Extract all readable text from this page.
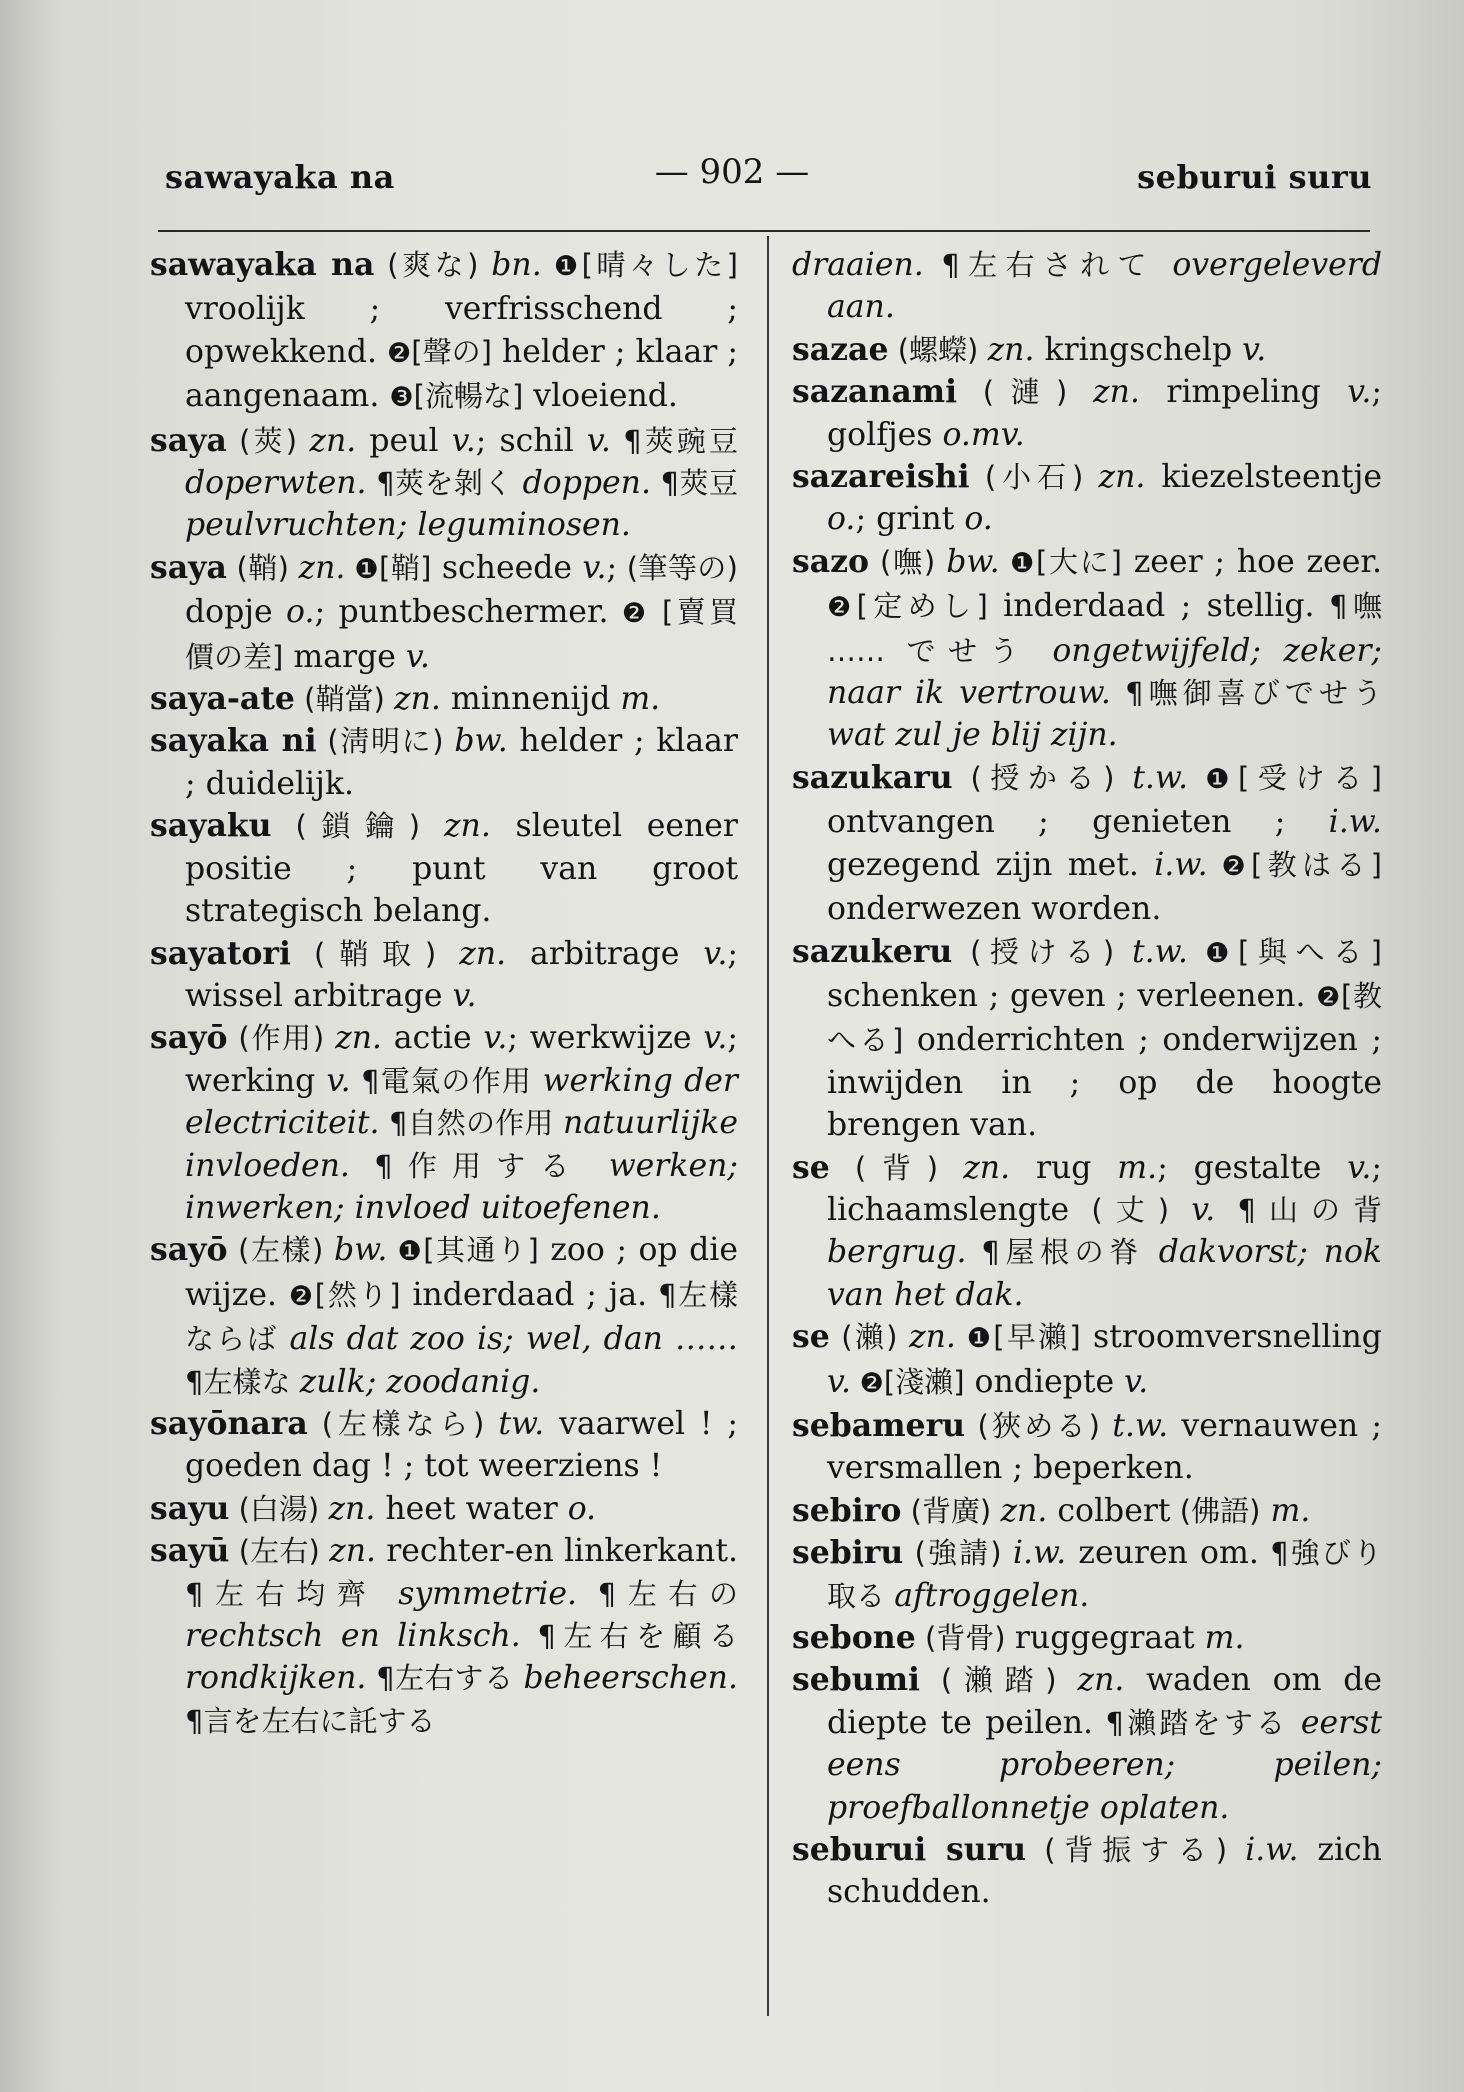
sawayaka na	— 902 —	seburui suru

sawayaka na (爽な) bn. ❶[晴々した] vroolijk ; verfrisschend ; opwekkend. ❷[聲の] helder ; klaar ; aangenaam. ❸[流暢な] vloeiend.

saya (莢) zn. peul v.; schil v. ¶莢豌豆 doperwten. ¶莢を剝く doppen. ¶莢豆 peulvruchten; leguminosen.

saya (鞘) zn. ❶[鞘] scheede v.; (筆等の) dopje o.; puntbeschermer. ❷ [賣買價の差] marge v.

saya-ate (鞘當) zn. minnenijd m.

sayaka ni (淸明に) bw. helder ; klaar ; duidelijk.

sayaku (鎖鑰) zn. sleutel eener positie ; punt van groot strategisch belang.

sayatori (鞘取) zn. arbitrage v.; wissel arbitrage v.

sayō (作用) zn. actie v.; werkwijze v.; werking v. ¶電氣の作用 werking der electriciteit. ¶自然の作用 natuurlijke invloeden. ¶作用する werken; inwerken; invloed uitoefenen.

sayō (左樣) bw. ❶[其通り] zoo ; op die wijze. ❷[然り] inderdaad ; ja. ¶左樣ならば als dat zoo is; wel, dan …… ¶左樣な zulk; zoodanig.

sayōnara (左樣なら) tw. vaarwel ! ; goeden dag ! ; tot weerziens !

sayu (白湯) zn. heet water o.

sayū (左右) zn. rechter-en linkerkant. ¶左右均齊 symmetrie. ¶左右の rechtsch en linksch. ¶左右を顧る rondkijken. ¶左右する beheerschen. ¶言を左右に託する

draaien. ¶左右されて overgeleverd aan.

sazae (螺蠑) zn. kringschelp v.

sazanami (漣) zn. rimpeling v.; golfjes o.mv.

sazareishi (小石) zn. kiezelsteentje o.; grint o.

sazo (嘸) bw. ❶[大に] zeer ; hoe zeer. ❷[定めし] inderdaad ; stellig. ¶嘸 …… でせう ongetwijfeld; zeker; naar ik vertrouw. ¶嘸御喜びでせう wat zul je blij zijn.

sazukaru (授かる) t.w. ❶[受ける] ontvangen ; genieten ; i.w. gezegend zijn met. i.w. ❷[教はる] onderwezen worden.

sazukeru (授ける) t.w. ❶[與へる] schenken ; geven ; verleenen. ❷[教へる] onderrichten ; onderwijzen ; inwijden in ; op de hoogte brengen van.

se (背) zn. rug m.; gestalte v.; lichaamslengte (丈) v. ¶山の背 bergrug. ¶屋根の脊 dakvorst; nok van het dak.

se (瀨) zn. ❶[早瀨] stroomversnelling v. ❷[淺瀨] ondiepte v.

sebameru (狹める) t.w. vernauwen ; versmallen ; beperken.

sebiro (背廣) zn. colbert (佛語) m.

sebiru (強請) i.w. zeuren om. ¶強びり取る aftroggelen.

sebone (背骨) ruggegraat m.

sebumi (瀨踏) zn. waden om de diepte te peilen. ¶瀨踏をする eerst eens probeeren; peilen; proefballonnetje oplaten.

seburui suru (背振する) i.w. zich schudden.
